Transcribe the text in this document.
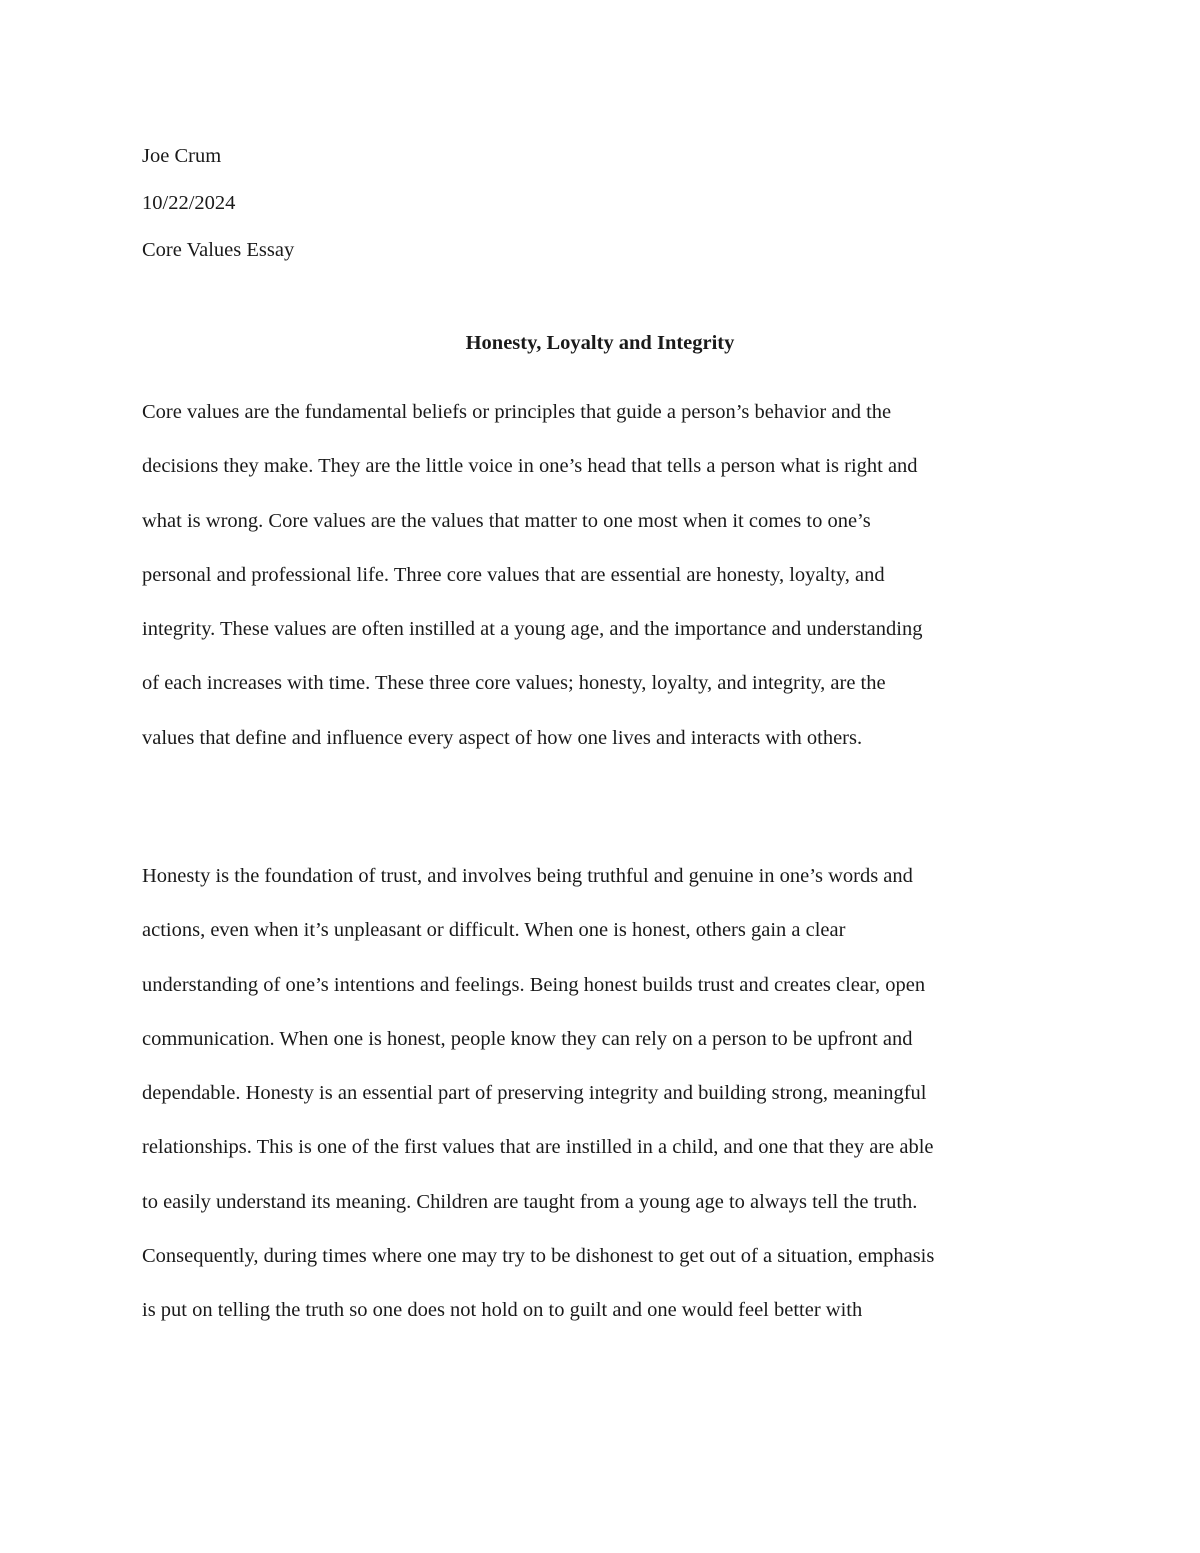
Joe Crum
10/22/2024
Core Values Essay
Honesty, Loyalty and Integrity

Core values are the fundamental beliefs or principles that guide a person’s behavior and the
decisions they make. They are the little voice in one’s head that tells a person what is right and
what is wrong. Core values are the values that matter to one most when it comes to one’s
personal and professional life. Three core values that are essential are honesty, loyalty, and
integrity. These values are often instilled at a young age, and the importance and understanding
of each increases with time. These three core values; honesty, loyalty, and integrity, are the
values that define and influence every aspect of how one lives and interacts with others.

Honesty is the foundation of trust, and involves being truthful and genuine in one’s words and
actions, even when it’s unpleasant or difficult. When one is honest, others gain a clear
understanding of one’s intentions and feelings. Being honest builds trust and creates clear, open
communication. When one is honest, people know they can rely on a person to be upfront and
dependable. Honesty is an essential part of preserving integrity and building strong, meaningful
relationships. This is one of the first values that are instilled in a child, and one that they are able
to easily understand its meaning. Children are taught from a young age to always tell the truth.
Consequently, during times where one may try to be dishonest to get out of a situation, emphasis
is put on telling the truth so one does not hold on to guilt and one would feel better with
